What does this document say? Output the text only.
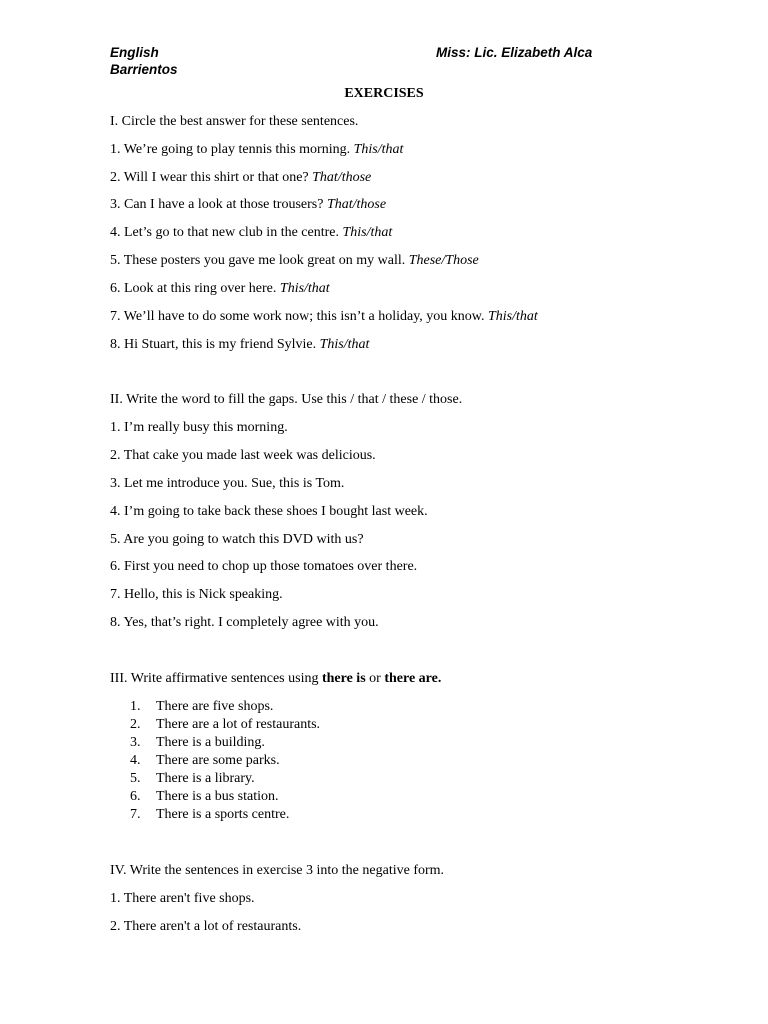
English
Barrientos
Miss: Lic. Elizabeth Alca
EXERCISES
I. Circle the best answer for these sentences.
1. We’re going to play tennis this morning. This/that
2. Will I wear this shirt or that one? That/those
3. Can I have a look at those trousers? That/those
4. Let’s go to that new club in the centre. This/that
5. These posters you gave me look great on my wall. These/Those
6. Look at this ring over here. This/that
7. We’ll have to do some work now; this isn’t a holiday, you know. This/that
8. Hi Stuart, this is my friend Sylvie. This/that
II. Write the word to fill the gaps. Use this / that / these / those.
1. I’m really busy this morning.
2. That cake you made last week was delicious.
3. Let me introduce you. Sue, this is Tom.
4. I’m going to take back these shoes I bought last week.
5. Are you going to watch this DVD with us?
6. First you need to chop up those tomatoes over there.
7. Hello, this is Nick speaking.
8. Yes, that’s right. I completely agree with you.
III. Write affirmative sentences using there is or there are.
1. There are five shops.
2. There are a lot of restaurants.
3. There is a building.
4. There are some parks.
5. There is a library.
6. There is a bus station.
7. There is a sports centre.
IV. Write the sentences in exercise 3 into the negative form.
1. There aren't five shops.
2. There aren't a lot of restaurants.
